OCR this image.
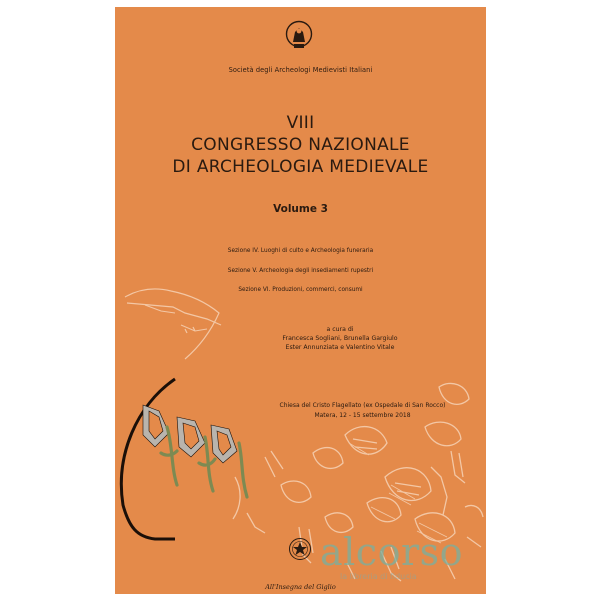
Società degli Archeologi Medievisti Italiani
VIII
CONGRESSO NAZIONALE
DI ARCHEOLOGIA MEDIEVALE
Volume 3
Sezione IV. Luoghi di culto e Archeologia funeraria
Sezione V. Archeologia degli insediamenti rupestri
Sezione VI. Produzioni, commerci, consumi
a cura di
Francesca Sogliani, Brunella Gargiulo
Ester Annunziata e Valentino Vitale
Chiesa del Cristo Flagellato (ex Ospedale di San Rocco)
Matera, 12 - 15 settembre 2018
All'Insegna del Giglio
alcorso
la libreria di fiducia
